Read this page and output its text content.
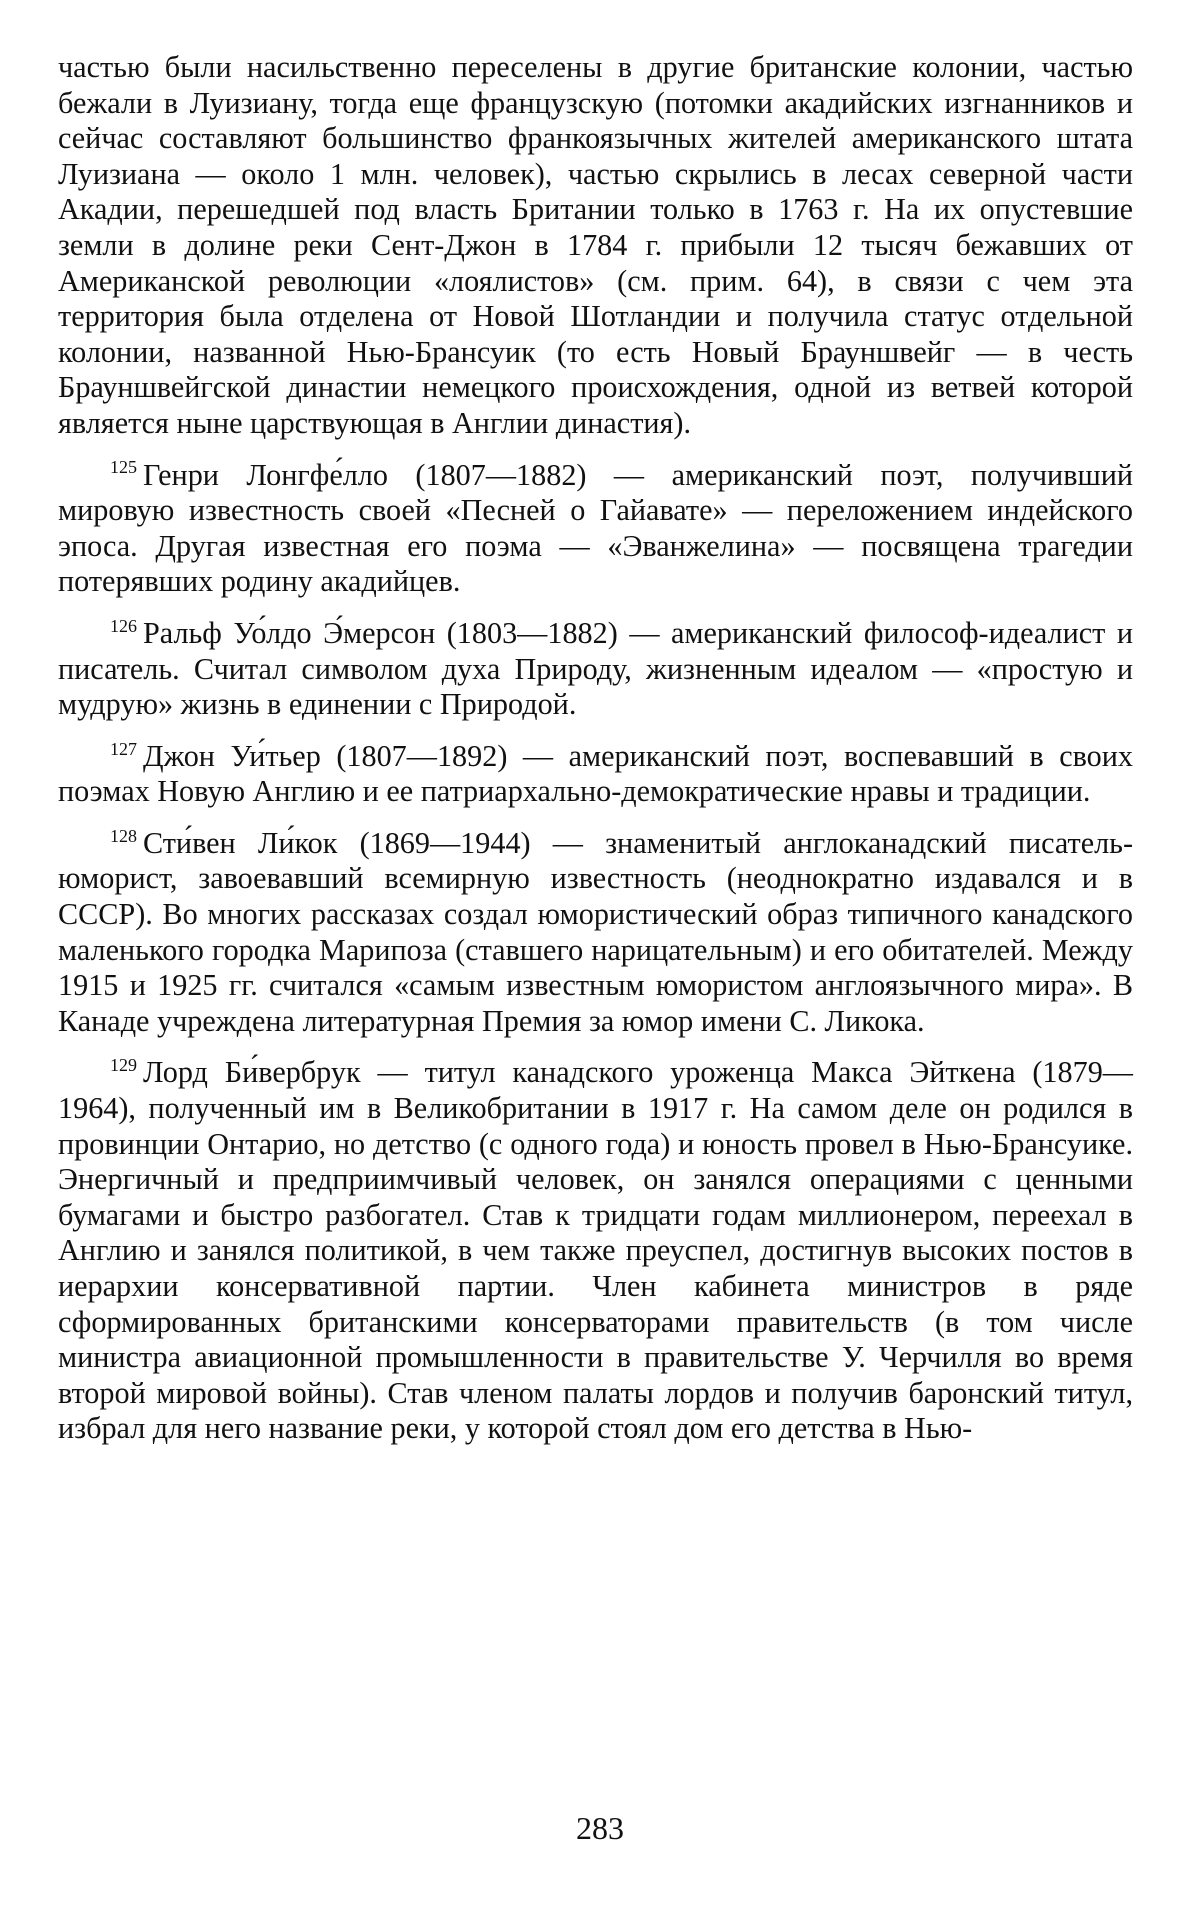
частью были насильственно переселены в другие британские колонии, частью бежали в Луизиану, тогда еще французскую (потомки акадийских изгнанников и сейчас составляют большинство франкоязычных жителей американского штата Луизиана — около 1 млн. человек), частью скрылись в лесах северной части Акадии, перешедшей под власть Британии только в 1763 г. На их опустевшие земли в долине реки Сент-Джон в 1784 г. прибыли 12 тысяч бежавших от Американской революции «лоялистов» (см. прим. 64), в связи с чем эта территория была отделена от Новой Шотландии и получила статус отдельной колонии, названной Нью-Брансуик (то есть Новый Брауншвейг — в честь Брауншвейгской династии немецкого происхождения, одной из ветвей которой является ныне царствующая в Англии династия).

$^{125}$ Генри Лонгфе́лло (1807—1882) — американский поэт, получивший мировую известность своей «Песней о Гайавате» — переложением индейского эпоса. Другая известная его поэма — «Эванжелина» — посвящена трагедии потерявших родину акадийцев.

$^{126}$ Ральф Уо́лдо Э́мерсон (1803—1882) — американский философ-идеалист и писатель. Считал символом духа Природу, жизненным идеалом — «простую и мудрую» жизнь в единении с Природой.

$^{127}$ Джон Уи́тьер (1807—1892) — американский поэт, воспевавший в своих поэмах Новую Англию и ее патриархально-демократические нравы и традиции.

$^{128}$ Сти́вен Ли́кок (1869—1944) — знаменитый англоканадский писатель-юморист, завоевавший всемирную известность (неоднократно издавался и в СССР). Во многих рассказах создал юмористический образ типичного канадского маленького городка Марипоза (ставшего нарицательным) и его обитателей. Между 1915 и 1925 гг. считался «самым известным юмористом англоязычного мира». В Канаде учреждена литературная Премия за юмор имени С. Ликока.

$^{129}$ Лорд Би́вербрук — титул канадского уроженца Макса Эйткена (1879—1964), полученный им в Великобритании в 1917 г. На самом деле он родился в провинции Онтарио, но детство (с одного года) и юность провел в Нью-Брансуике. Энергичный и предприимчивый человек, он занялся операциями с ценными бумагами и быстро разбогател. Став к тридцати годам миллионером, переехал в Англию и занялся политикой, в чем также преуспел, достигнув высоких постов в иерархии консервативной партии. Член кабинета министров в ряде сформированных британскими консерваторами правительств (в том числе министра авиационной промышленности в правительстве У. Черчилля во время второй мировой войны). Став членом палаты лордов и получив баронский титул, избрал для него название реки, у которой стоял дом его детства в Нью-

283
